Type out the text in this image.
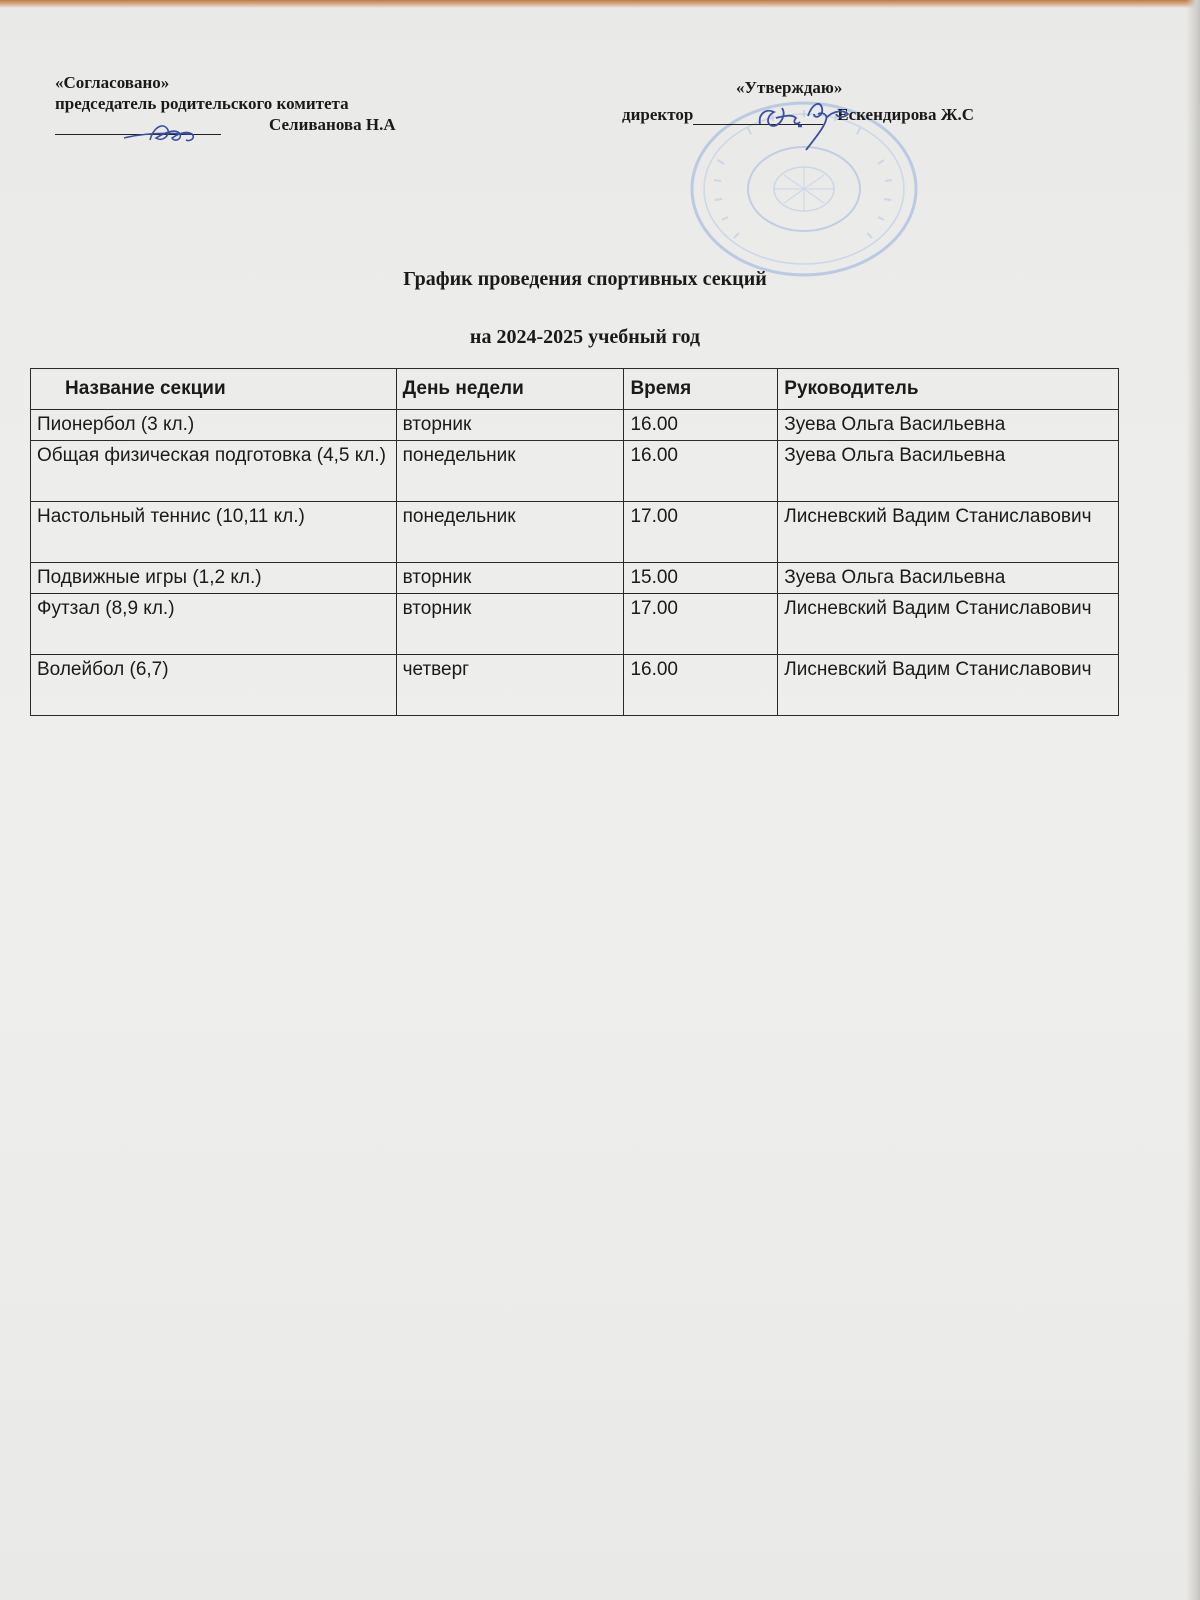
«Согласовано»
председатель родительского комитета
Селиванова Н.А
«Утверждаю»
директор	Ескендирова Ж.С
График проведения спортивных секций
на 2024-2025 учебный год
Название секции	День недели	Время	Руководитель
Пионербол (3 кл.)	вторник	16.00	Зуева Ольга Васильевна
Общая физическая подготовка (4,5 кл.)	понедельник	16.00	Зуева Ольга Васильевна
Настольный теннис (10,11 кл.)	понедельник	17.00	Лисневский Вадим Станиславович
Подвижные игры (1,2 кл.)	вторник	15.00	Зуева Ольга Васильевна
Футзал (8,9 кл.)	вторник	17.00	Лисневский Вадим Станиславович
Волейбол (6,7)	четверг	16.00	Лисневский Вадим Станиславович
